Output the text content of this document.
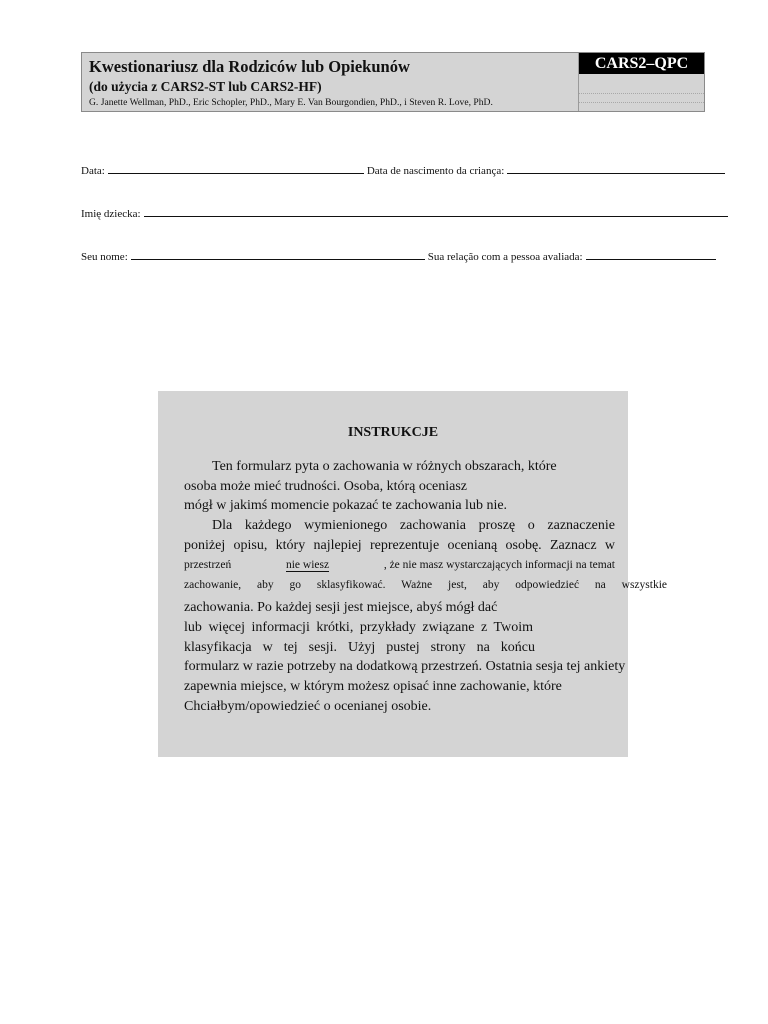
Kwestionariusz dla Rodziców lub Opiekunów
(do użycia z CARS2-ST lub CARS2-HF)
G. Janette Wellman, PhD., Eric Schopler, PhD., Mary E. Van Bourgondien, PhD., i Steven R. Love, PhD.
CARS2–QPC
Data:	Data de nascimento da criança:
Imię dziecka:
Seu nome:	Sua relação com a pessoa avaliada:
INSTRUKCJE
Ten formularz pyta o zachowania w różnych obszarach, które
osoba może mieć trudności. Osoba, którą oceniasz
mógł w jakimś momencie pokazać te zachowania lub nie.
Dla każdego wymienionego zachowania proszę o zaznaczenie
poniżej opisu, który najlepiej reprezentuje ocenianą osobę. Zaznacz w
przestrzeń	nie wiesz	, że nie masz wystarczających informacji na temat
zachowanie, aby go sklasyfikować. Ważne jest, aby odpowiedzieć na wszystkie
zachowania. Po każdej sesji jest miejsce, abyś mógł dać
lub więcej informacji krótki, przykłady związane z Twoim
klasyfikacja w tej sesji. Użyj pustej strony na końcu
formularz w razie potrzeby na dodatkową przestrzeń. Ostatnia sesja tej ankiety
zapewnia miejsce, w którym możesz opisać inne zachowanie, które
Chciałbym/opowiedzieć o ocenianej osobie.
